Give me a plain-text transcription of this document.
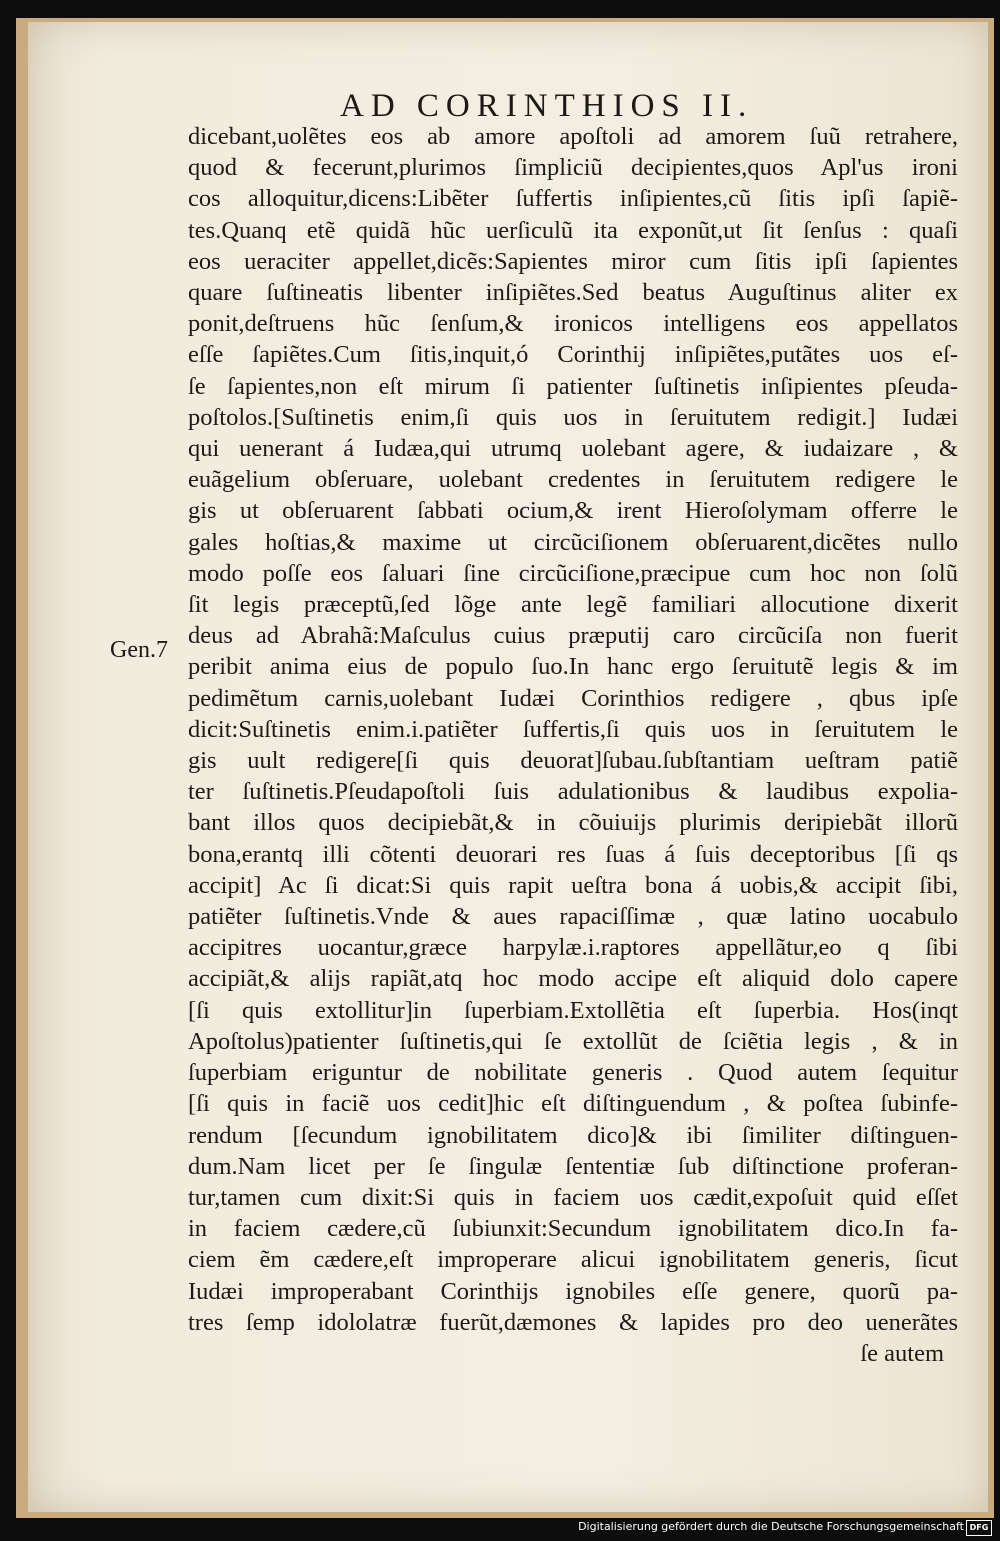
AD CORINTHIOS II.
Gen.7
dicebant,uolẽtes eos ab amore apoſtoli ad amorem ſuũ retrahere,
quod & fecerunt,plurimos ſimpliciũ decipientes,quos Apl'us ironi
cos alloquitur,dicens:Libẽter ſuffertis inſipientes,cũ ſitis ipſi ſapiẽ-
tes.Quanq etẽ quidã hũc uerſiculũ ita exponũt,ut ſit ſenſus : quaſi
eos ueraciter appellet,dicẽs:Sapientes miror cum ſitis ipſi ſapientes
quare ſuſtineatis libenter inſipiẽtes.Sed beatus Auguſtinus aliter ex
ponit,deſtruens hũc ſenſum,& ironicos intelligens eos appellatos
eſſe ſapiẽtes.Cum ſitis,inquit,ó Corinthij inſipiẽtes,putãtes uos eſ-
ſe ſapientes,non eſt mirum ſi patienter ſuſtinetis inſipientes pſeuda-
poſtolos.[Suſtinetis enim,ſi quis uos in ſeruitutem redigit.] Iudæi
qui uenerant á Iudæa,qui utrumq uolebant agere, & iudaizare , &
euãgelium obſeruare, uolebant credentes in ſeruitutem redigere le
gis ut obſeruarent ſabbati ocium,& irent Hieroſolymam offerre le
gales hoſtias,& maxime ut circũciſionem obſeruarent,dicẽtes nullo
modo poſſe eos ſaluari ſine circũciſione,præcipue cum hoc non ſolũ
ſit legis præceptũ,ſed lõge ante legẽ familiari allocutione dixerit
deus ad Abrahã:Maſculus cuius præputij caro circũciſa non fuerit
peribit anima eius de populo ſuo.In hanc ergo ſeruitutẽ legis & im
pedimẽtum carnis,uolebant Iudæi Corinthios redigere , qbus ipſe
dicit:Suſtinetis enim.i.patiẽter ſuffertis,ſi quis uos in ſeruitutem le
gis uult redigere[ſi quis deuorat]ſubau.ſubſtantiam ueſtram patiẽ
ter ſuſtinetis.Pſeudapoſtoli ſuis adulationibus & laudibus expolia-
bant illos quos decipiebãt,& in cõuiuijs plurimis deripiebãt illorũ
bona,erantq illi cõtenti deuorari res ſuas á ſuis deceptoribus [ſi qs
accipit] Ac ſi dicat:Si quis rapit ueſtra bona á uobis,& accipit ſibi,
patiẽter ſuſtinetis.Vnde & aues rapaciſſimæ , quæ latino uocabulo
accipitres uocantur,græce harpylæ.i.raptores appellãtur,eo q ſibi
accipiãt,& alijs rapiãt,atq hoc modo accipe eſt aliquid dolo capere
[ſi quis extollitur]in ſuperbiam.Extollẽtia eſt ſuperbia. Hos(inqt
Apoſtolus)patienter ſuſtinetis,qui ſe extollũt de ſciẽtia legis , & in
ſuperbiam eriguntur de nobilitate generis . Quod autem ſequitur
[ſi quis in faciẽ uos cedit]hic eſt diſtinguendum , & poſtea ſubinfe-
rendum [ſecundum ignobilitatem dico]& ibi ſimiliter diſtinguen-
dum.Nam licet per ſe ſingulæ ſententiæ ſub diſtinctione proferan-
tur,tamen cum dixit:Si quis in faciem uos cædit,expoſuit quid eſſet
in faciem cædere,cũ ſubiunxit:Secundum ignobilitatem dico.In fa-
ciem ẽm cædere,eſt improperare alicui ignobilitatem generis, ſicut
Iudæi improperabant Corinthijs ignobiles eſſe genere, quorũ pa-
tres ſemp idololatræ fuerũt,dæmones & lapides pro deo uenerãtes
ſe autem
Digitalisierung gefördert durch die Deutsche Forschungsgemeinschaft DFG
